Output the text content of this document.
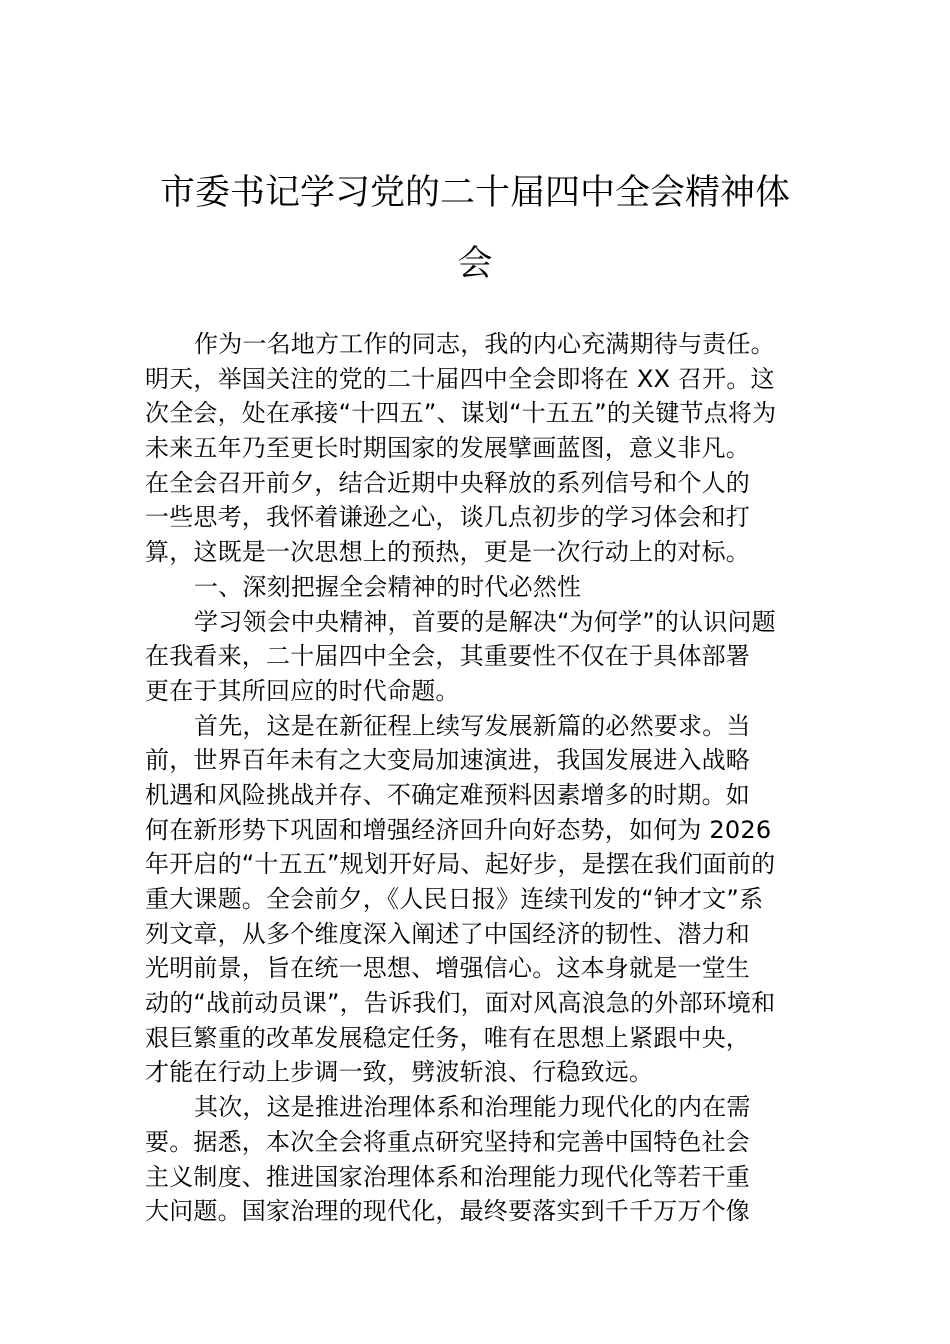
市委书记学习党的二十届四中全会精神体
会
作为一名地方工作的同志，我的内心充满期待与责任。
明天，举国关注的党的二十届四中全会即将在 XX 召开。这
次全会，处在承接“十四五”、谋划“十五五”的关键节点将为
未来五年乃至更长时期国家的发展擘画蓝图，意义非凡。
在全会召开前夕，结合近期中央释放的系列信号和个人的
一些思考，我怀着谦逊之心，谈几点初步的学习体会和打
算，这既是一次思想上的预热，更是一次行动上的对标。
一、深刻把握全会精神的时代必然性
学习领会中央精神，首要的是解决“为何学”的认识问题
在我看来，二十届四中全会，其重要性不仅在于具体部署
更在于其所回应的时代命题。
首先，这是在新征程上续写发展新篇的必然要求。当
前，世界百年未有之大变局加速演进，我国发展进入战略
机遇和风险挑战并存、不确定难预料因素增多的时期。如
何在新形势下巩固和增强经济回升向好态势，如何为 2026
年开启的“十五五”规划开好局、起好步，是摆在我们面前的
重大课题。全会前夕，《人民日报》连续刊发的“钟才文”系
列文章，从多个维度深入阐述了中国经济的韧性、潜力和
光明前景，旨在统一思想、增强信心。这本身就是一堂生
动的“战前动员课”，告诉我们，面对风高浪急的外部环境和
艰巨繁重的改革发展稳定任务，唯有在思想上紧跟中央，
才能在行动上步调一致，劈波斩浪、行稳致远。
其次，这是推进治理体系和治理能力现代化的内在需
要。据悉，本次全会将重点研究坚持和完善中国特色社会
主义制度、推进国家治理体系和治理能力现代化等若干重
大问题。国家治理的现代化，最终要落实到千千万万个像
